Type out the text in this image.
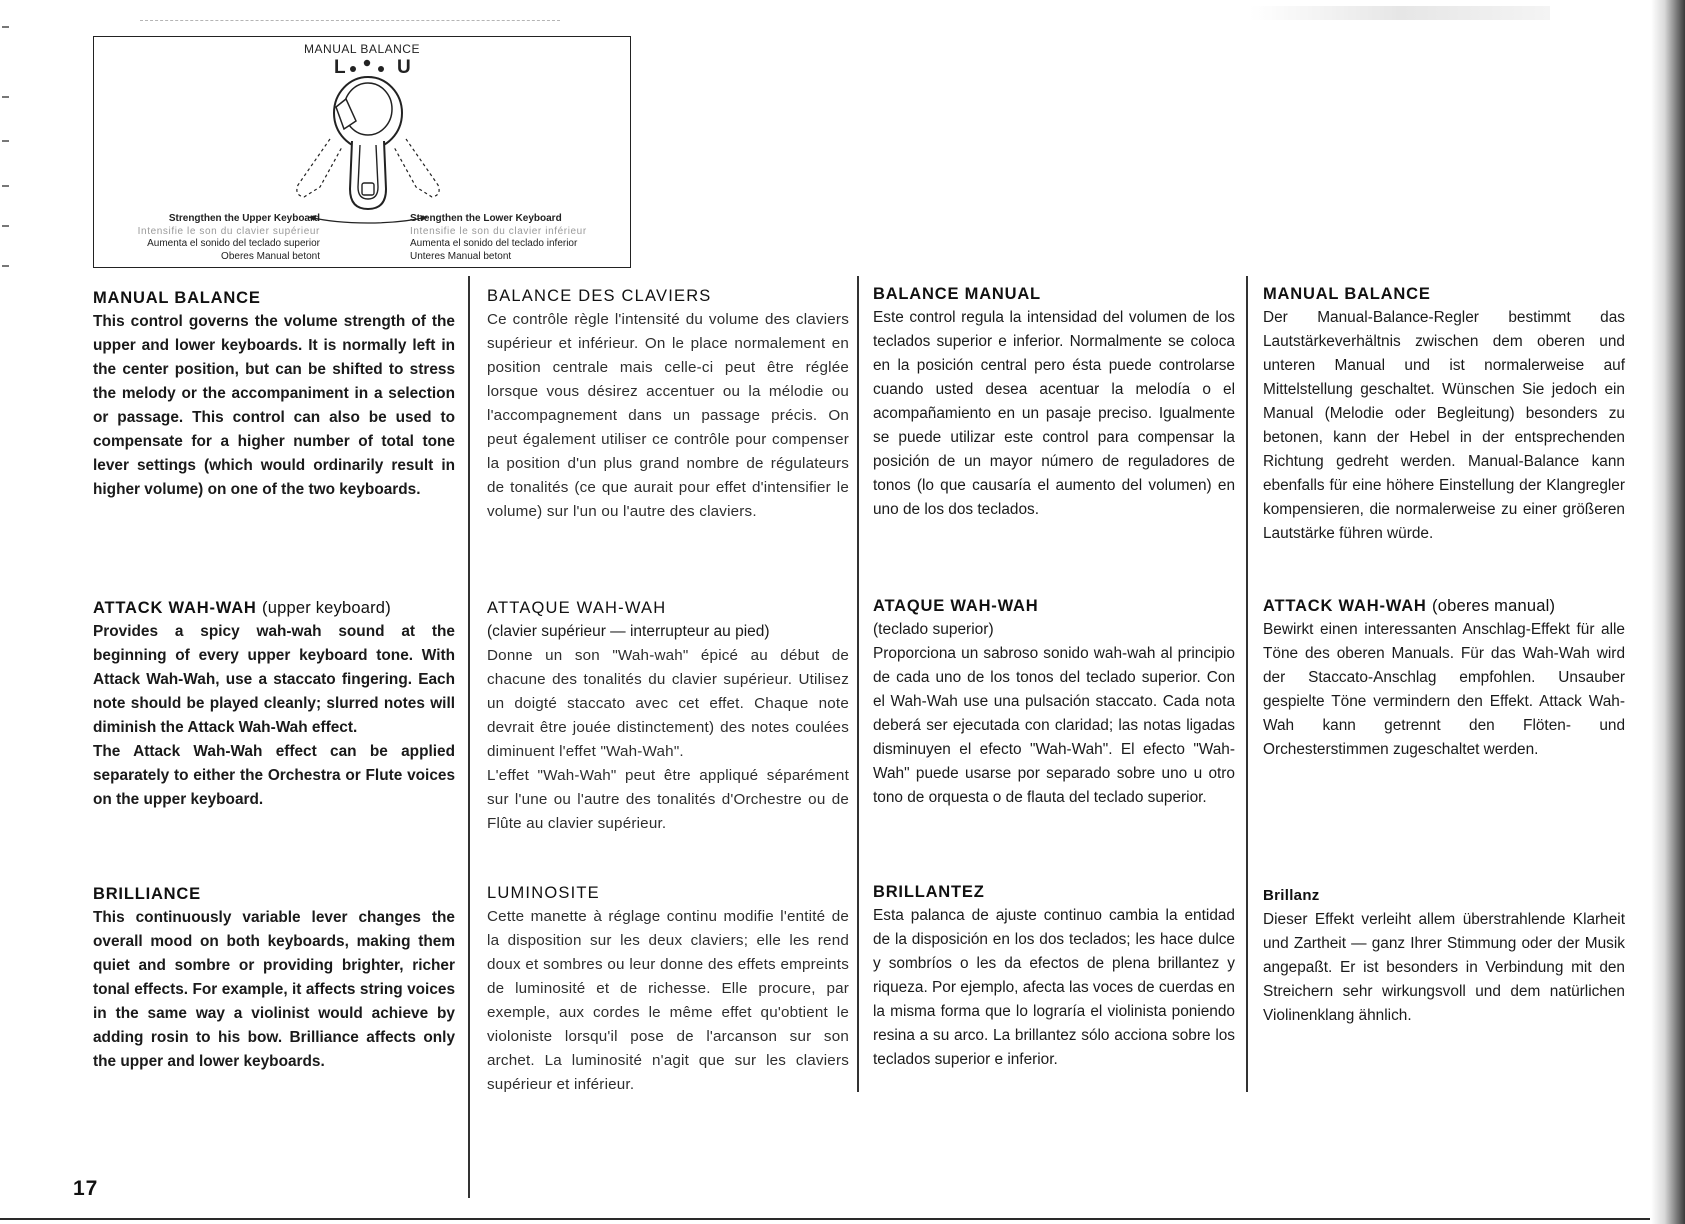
MANUAL BALANCE
L	U
Strengthen the Upper Keyboard
Intensifie le son du clavier supérieur
Aumenta el sonido del teclado superior
Oberes Manual betont
Strengthen the Lower Keyboard
Intensifie le son du clavier inférieur
Aumenta el sonido del teclado inferior
Unteres Manual betont
MANUAL BALANCE

This control governs the volume strength of the upper and lower keyboards. It is normally left in the center position, but can be shifted to stress the melody or the accompaniment in a selection or passage. This control can also be used to compensate for a higher number of total tone lever settings (which would ordinarily result in higher volume) on one of the two keyboards.

ATTACK WAH-WAH (upper keyboard)

Provides a spicy wah-wah sound at the beginning of every upper keyboard tone. With Attack Wah-Wah, use a staccato fingering. Each note should be played cleanly; slurred notes will diminish the Attack Wah-Wah effect.

The Attack Wah-Wah effect can be applied separately to either the Orchestra or Flute voices on the upper keyboard.

BRILLIANCE

This continuously variable lever changes the overall mood on both keyboards, making them quiet and sombre or providing brighter, richer tonal effects. For example, it affects string voices in the same way a violinist would achieve by adding rosin to his bow. Brilliance affects only the upper and lower keyboards.

BALANCE DES CLAVIERS

Ce contrôle règle l'intensité du volume des claviers supérieur et inférieur. On le place normalement en position centrale mais celle-ci peut être réglée lorsque vous désirez accentuer ou la mélodie ou l'accompagnement dans un passage précis. On peut également utiliser ce contrôle pour compenser la position d'un plus grand nombre de régulateurs de tonalités (ce que aurait pour effet d'intensifier le volume) sur l'un ou l'autre des claviers.

ATTAQUE WAH-WAH

(clavier supérieur — interrupteur au pied)

Donne un son "Wah-wah" épicé au début de chacune des tonalités du clavier supérieur. Utilisez un doigté staccato avec cet effet. Chaque note devrait être jouée distinctement) des notes coulées diminuent l'effet "Wah-Wah".

L'effet "Wah-Wah" peut être appliqué séparément sur l'une ou l'autre des tonalités d'Orchestre ou de Flûte au clavier supérieur.

LUMINOSITE

Cette manette à réglage continu modifie l'entité de la disposition sur les deux claviers; elle les rend doux et sombres ou leur donne des effets empreints de luminosité et de richesse. Elle procure, par exemple, aux cordes le même effet qu'obtient le violoniste lorsqu'il pose de l'arcanson sur son archet. La luminosité n'agit que sur les claviers supérieur et inférieur.

BALANCE MANUAL

Este control regula la intensidad del volumen de los teclados superior e inferior. Normalmente se coloca en la posición central pero ésta puede controlarse cuando usted desea acentuar la melodía o el acompañamiento en un pasaje preciso. Igualmente se puede utilizar este control para compensar la posición de un mayor número de reguladores de tonos (lo que causaría el aumento del volumen) en uno de los dos teclados.

ATAQUE WAH-WAH

(teclado superior)

Proporciona un sabroso sonido wah-wah al principio de cada uno de los tonos del teclado superior. Con el Wah-Wah use una pulsación staccato. Cada nota deberá ser ejecutada con claridad; las notas ligadas disminuyen el efecto "Wah-Wah". El efecto "Wah-Wah" puede usarse por separado sobre uno u otro tono de orquesta o de flauta del teclado superior.

BRILLANTEZ

Esta palanca de ajuste continuo cambia la entidad de la disposición en los dos teclados; les hace dulce y sombríos o les da efectos de plena brillantez y riqueza. Por ejemplo, afecta las voces de cuerdas en la misma forma que lo lograría el violinista poniendo resina a su arco. La brillantez sólo acciona sobre los teclados superior e inferior.

MANUAL BALANCE

Der Manual-Balance-Regler bestimmt das Lautstärkeverhältnis zwischen dem oberen und unteren Manual und ist normalerweise auf Mittelstellung geschaltet. Wünschen Sie jedoch ein Manual (Melodie oder Begleitung) besonders zu betonen, kann der Hebel in der entsprechenden Richtung gedreht werden. Manual-Balance kann ebenfalls für eine höhere Einstellung der Klangregler kompensieren, die normalerweise zu einer größeren Lautstärke führen würde.

ATTACK WAH-WAH (oberes manual)

Bewirkt einen interessanten Anschlag-Effekt für alle Töne des oberen Manuals. Für das Wah-Wah wird der Staccato-Anschlag empfohlen. Unsauber gespielte Töne vermindern den Effekt. Attack Wah-Wah kann getrennt den Flöten- und Orchesterstimmen zugeschaltet werden.

Brillanz

Dieser Effekt verleiht allem überstrahlende Klarheit und Zartheit — ganz Ihrer Stimmung oder der Musik angepaßt. Er ist besonders in Verbindung mit den Streichern sehr wirkungsvoll und dem natürlichen Violinenklang ähnlich.

17
